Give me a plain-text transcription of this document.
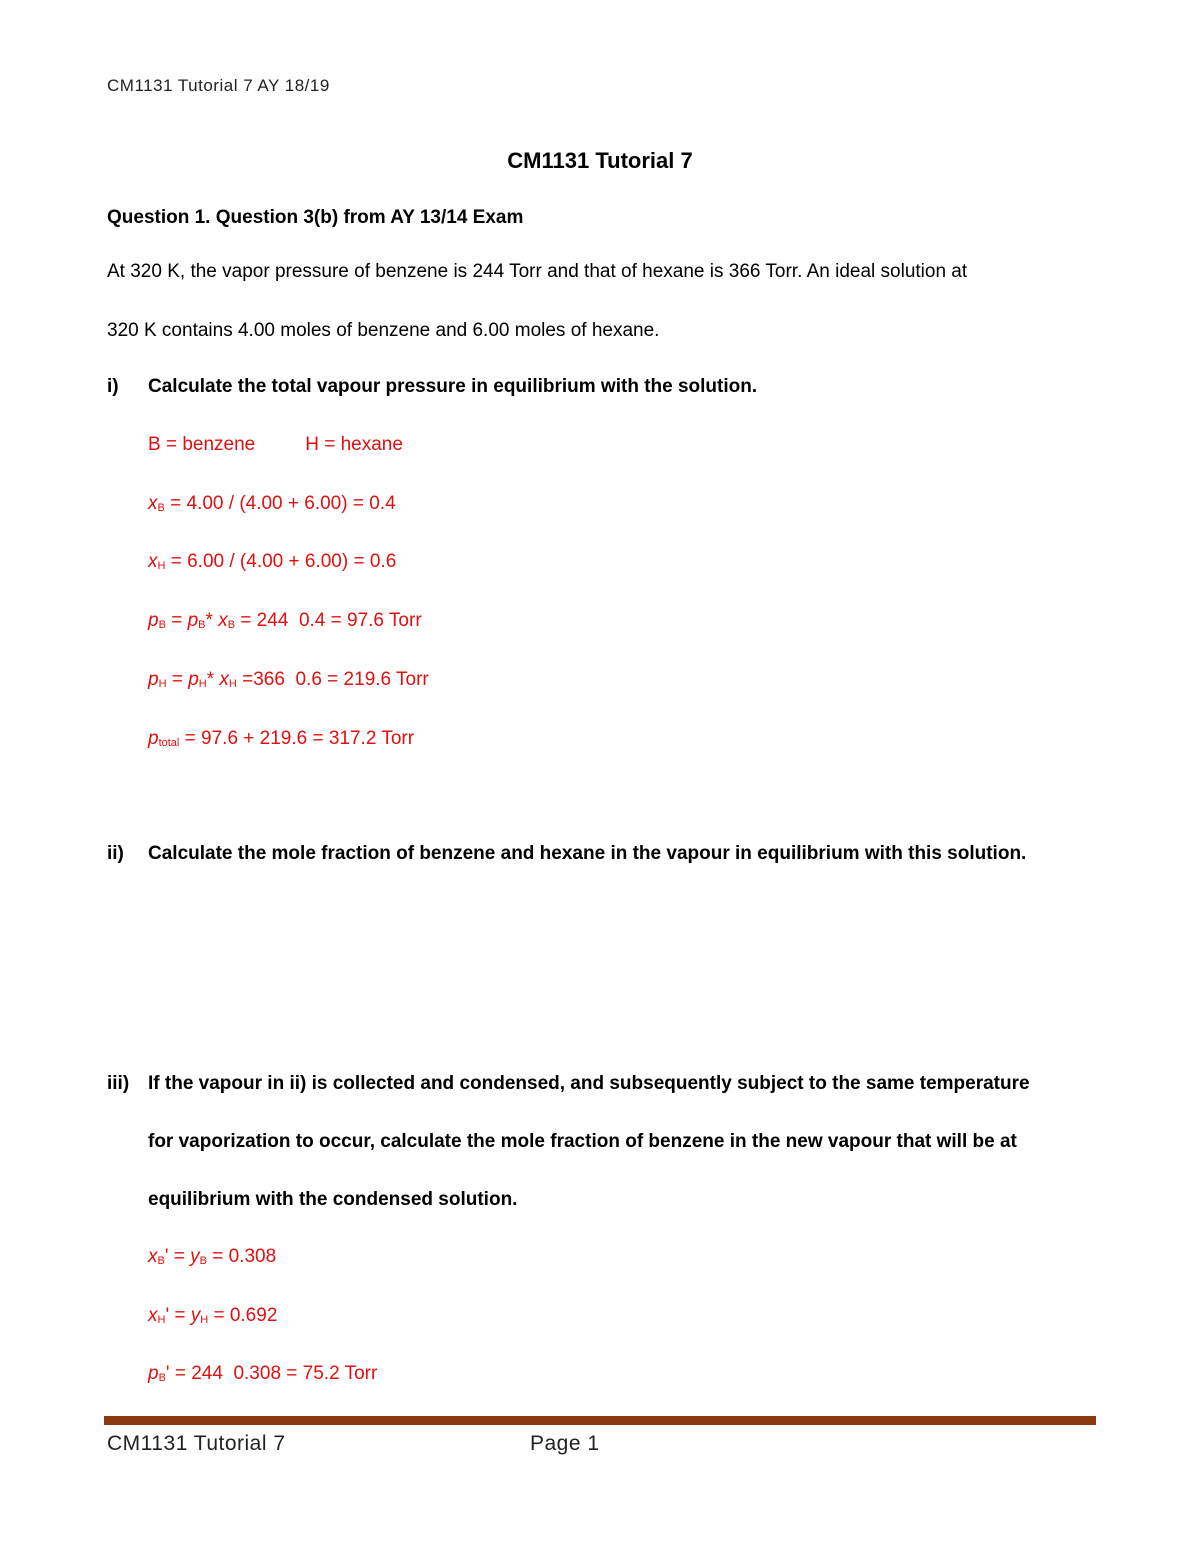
CM1131 Tutorial 7 AY 18/19
CM1131 Tutorial 7
Question 1. Question 3(b) from AY 13/14 Exam
At 320 K, the vapor pressure of benzene is 244 Torr and that of hexane is 366 Torr. An ideal solution at
320 K contains 4.00 moles of benzene and 6.00 moles of hexane.
i) Calculate the total vapour pressure in equilibrium with the solution.
B = benzene	H = hexane
$x_B = 4.00 / (4.00 + 6.00) = 0.4$
$x_H = 6.00 / (4.00 + 6.00) = 0.6$
$p_B = p_B*$ $x_B = 244$  0.4 = 97.6 Torr
$p_H = p_H*$ $x_H =366$  0.6 = 219.6 Torr
$p_{total} = 97.6 + 219.6 = 317.2$ Torr
ii) Calculate the mole fraction of benzene and hexane in the vapour in equilibrium with this solution.
iii) If the vapour in ii) is collected and condensed, and subsequently subject to the same temperature
for vaporization to occur, calculate the mole fraction of benzene in the new vapour that will be at
equilibrium with the condensed solution.
$x_B' = y_B = 0.308$
$x_H' = y_H = 0.692$
$p_B' = 244$  0.308 = 75.2 Torr
CM1131 Tutorial 7	Page 1
